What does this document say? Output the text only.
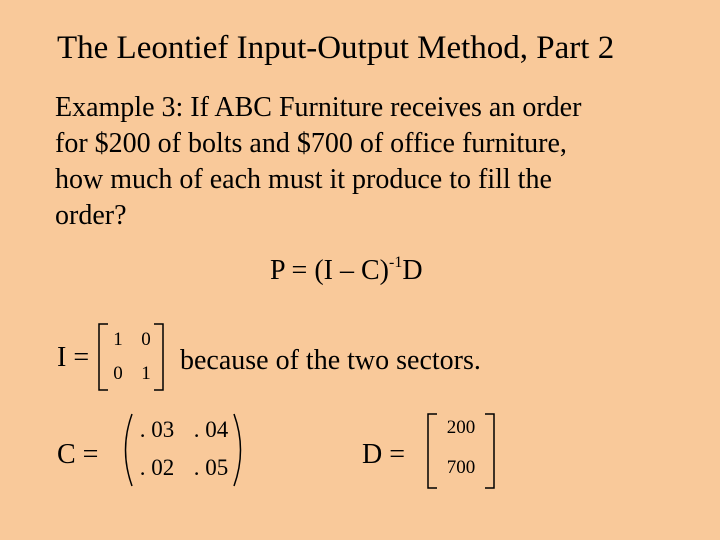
The Leontief Input-Output Method, Part 2
Example 3: If ABC Furniture receives an order
for $200 of bolts and $700 of office furniture,
how much of each must it produce to fill the
order?
P = (I – C)$^{-1}$D
I =
1 0
0 1 because of the two sectors.
C =
. 03 . 04
. 02 . 05	D =
200
700
